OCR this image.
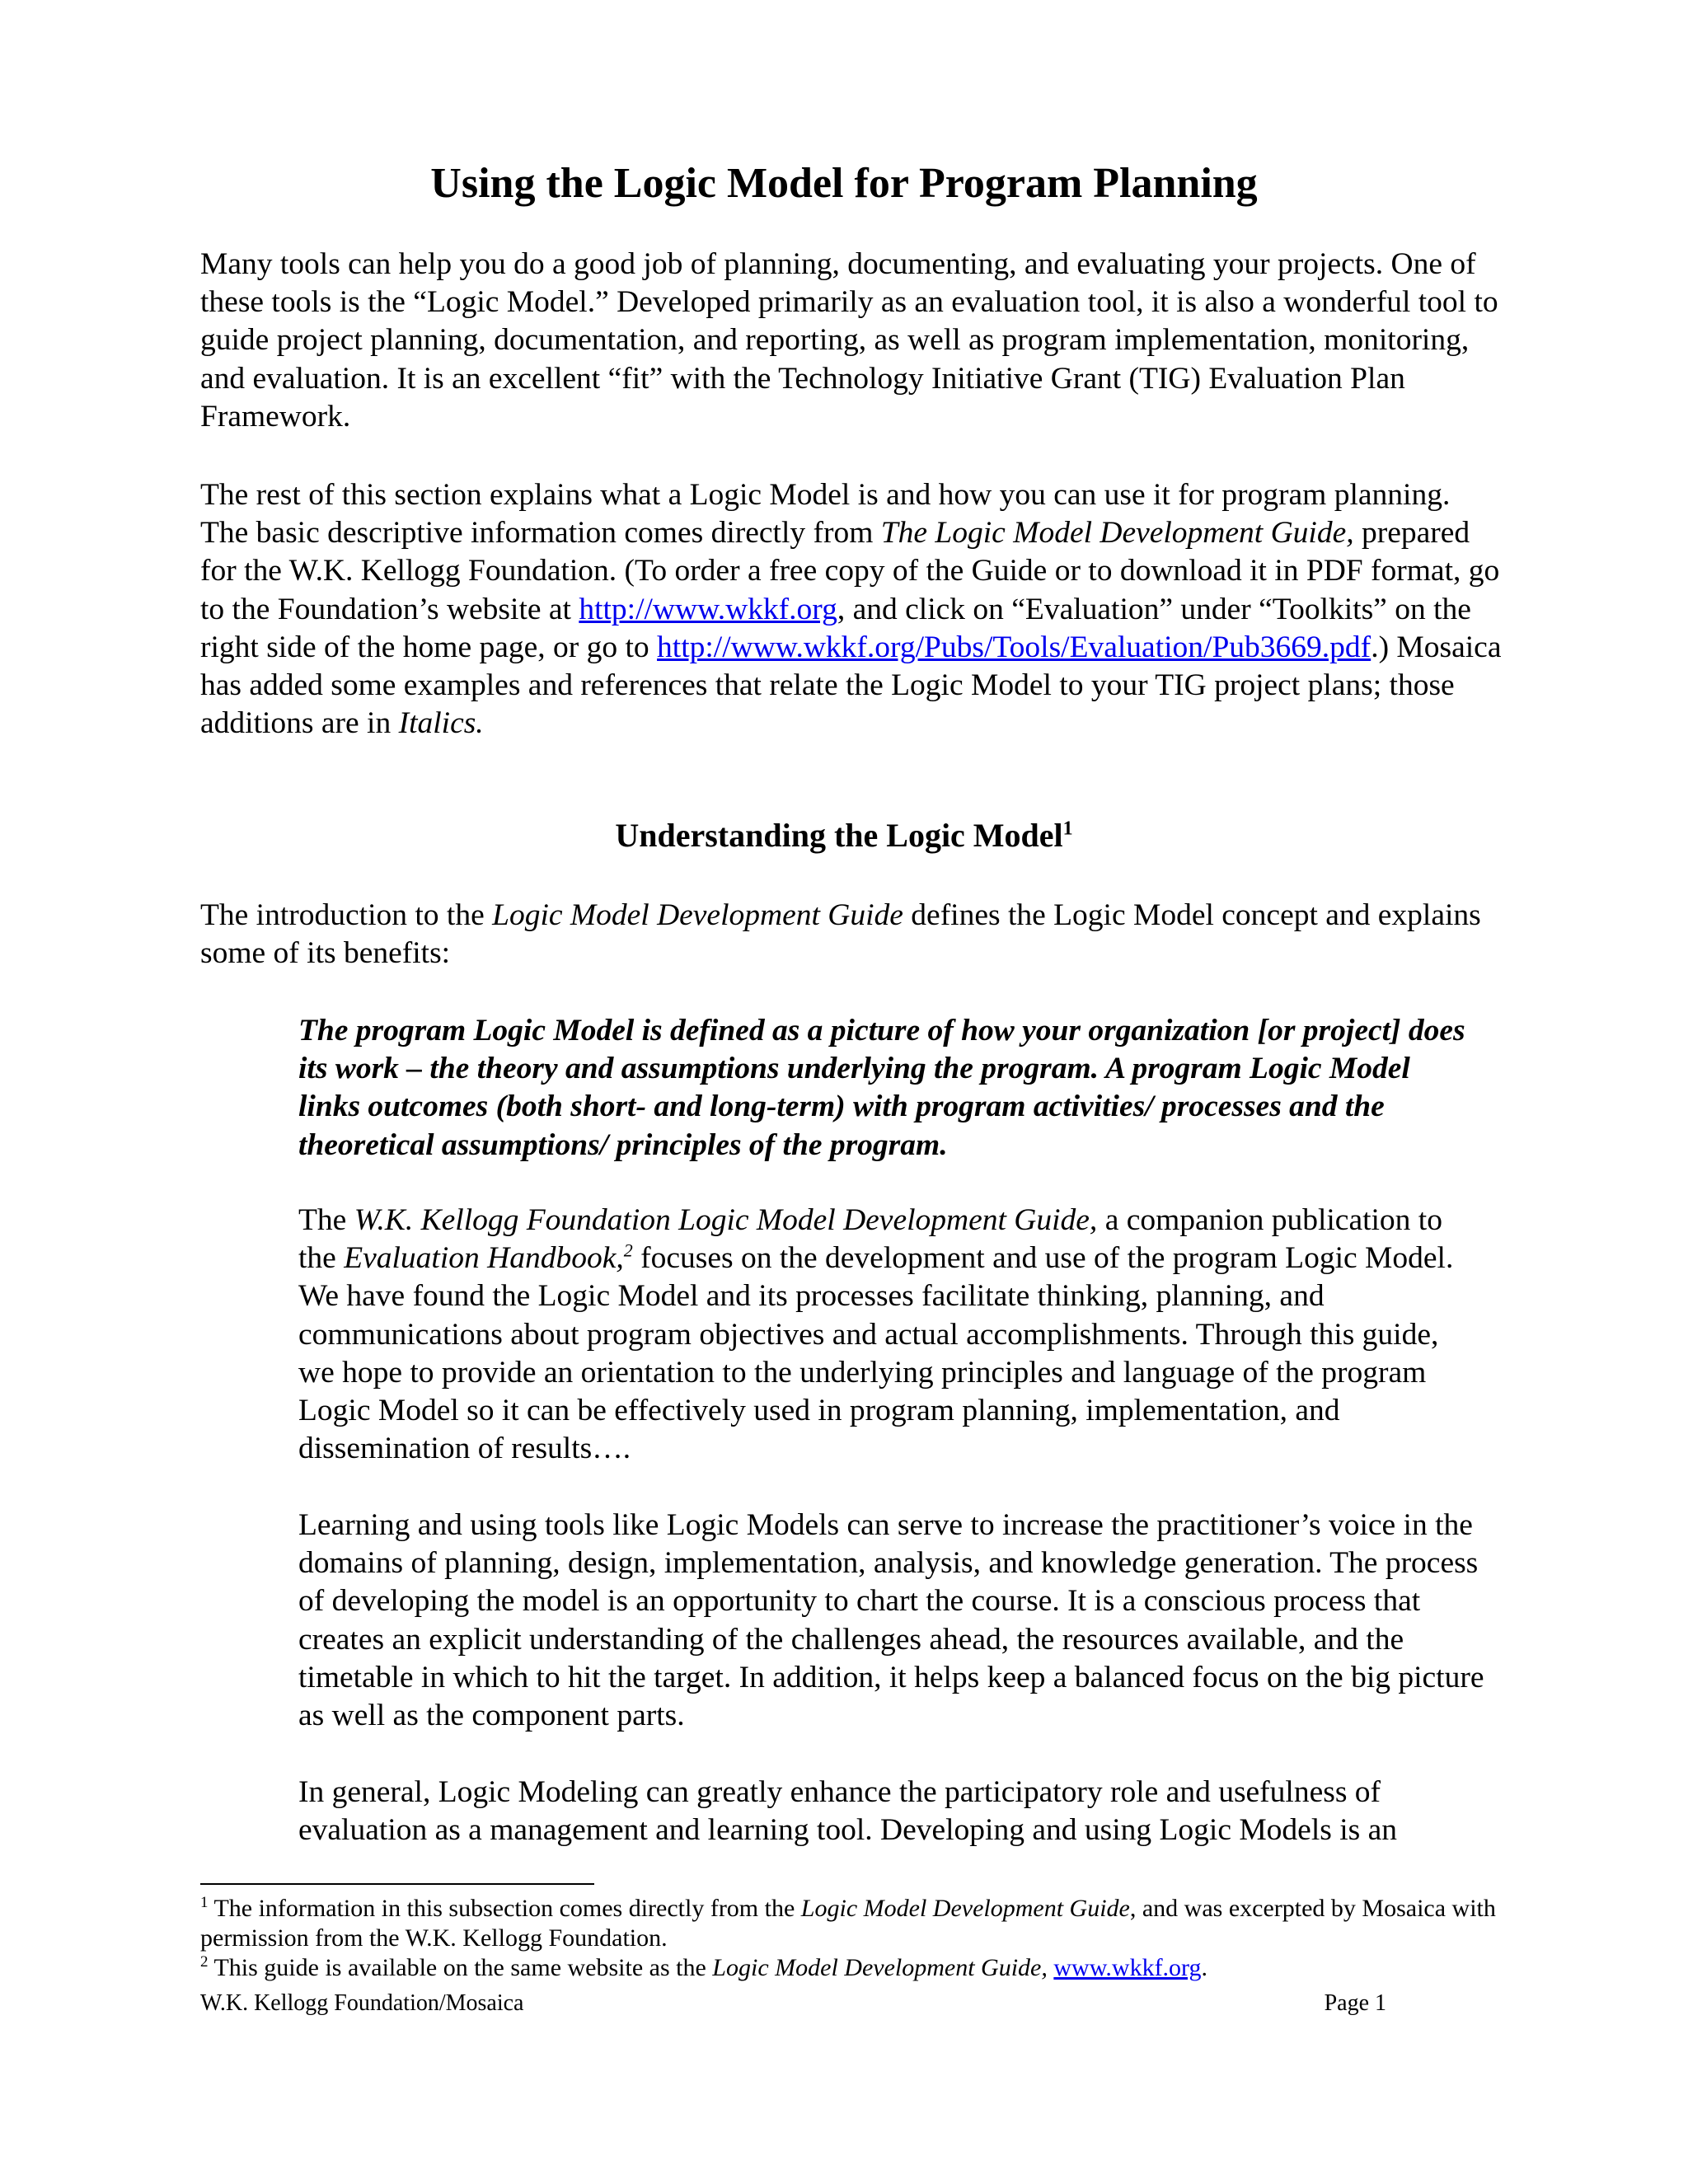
Using the Logic Model for Program Planning

Many tools can help you do a good job of planning, documenting, and evaluating your projects. One of these tools is the “Logic Model.” Developed primarily as an evaluation tool, it is also a wonderful tool to guide project planning, documentation, and reporting, as well as program implementation, monitoring, and evaluation. It is an excellent “fit” with the Technology Initiative Grant (TIG) Evaluation Plan Framework.

The rest of this section explains what a Logic Model is and how you can use it for program planning. The basic descriptive information comes directly from The Logic Model Development Guide, prepared for the W.K. Kellogg Foundation. (To order a free copy of the Guide or to download it in PDF format, go to the Foundation’s website at http://www.wkkf.org, and click on “Evaluation” under “Toolkits” on the right side of the home page, or go to http://www.wkkf.org/Pubs/Tools/Evaluation/Pub3669.pdf.) Mosaica has added some examples and references that relate the Logic Model to your TIG project plans; those additions are in Italics.

Understanding the Logic Model$^1$

The introduction to the Logic Model Development Guide defines the Logic Model concept and explains some of its benefits:

The program Logic Model is defined as a picture of how your organization [or project] does its work – the theory and assumptions underlying the program. A program Logic Model links outcomes (both short- and long-term) with program activities/ processes and the theoretical assumptions/ principles of the program.

The W.K. Kellogg Foundation Logic Model Development Guide, a companion publication to the Evaluation Handbook,$^2$ focuses on the development and use of the program Logic Model. We have found the Logic Model and its processes facilitate thinking, planning, and communications about program objectives and actual accomplishments. Through this guide, we hope to provide an orientation to the underlying principles and language of the program Logic Model so it can be effectively used in program planning, implementation, and dissemination of results….

Learning and using tools like Logic Models can serve to increase the practitioner’s voice in the domains of planning, design, implementation, analysis, and knowledge generation. The process of developing the model is an opportunity to chart the course. It is a conscious process that creates an explicit understanding of the challenges ahead, the resources available, and the timetable in which to hit the target. In addition, it helps keep a balanced focus on the big picture as well as the component parts.

In general, Logic Modeling can greatly enhance the participatory role and usefulness of evaluation as a management and learning tool. Developing and using Logic Models is an

$^1$ The information in this subsection comes directly from the Logic Model Development Guide, and was excerpted by Mosaica with permission from the W.K. Kellogg Foundation.

$^2$ This guide is available on the same website as the Logic Model Development Guide, www.wkkf.org.

W.K. Kellogg Foundation/Mosaica	Page 1
